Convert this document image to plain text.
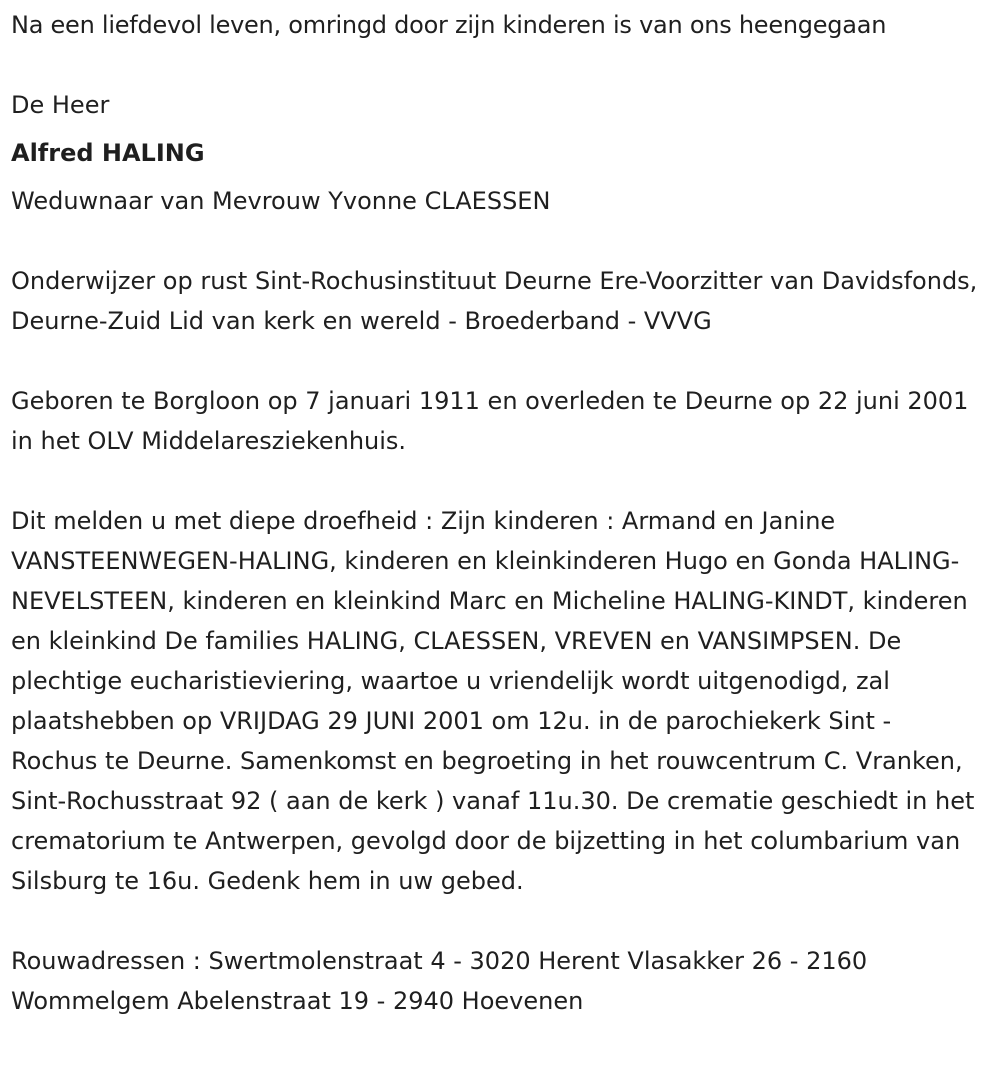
Na een liefdevol leven, omringd door zijn kinderen is van ons heengegaan

De Heer

Alfred HALING

Weduwnaar van Mevrouw Yvonne CLAESSEN

Onderwijzer op rust Sint-Rochusinstituut Deurne Ere-Voorzitter van Davidsfonds, Deurne-Zuid Lid van kerk en wereld - Broederband - VVVG

Geboren te Borgloon op 7 januari 1911 en overleden te Deurne op 22 juni 2001 in het OLV Middelaresziekenhuis.

Dit melden u met diepe droefheid : Zijn kinderen : Armand en Janine VANSTEENWEGEN-HALING, kinderen en kleinkinderen Hugo en Gonda HALING-NEVELSTEEN, kinderen en kleinkind Marc en Micheline HALING-KINDT, kinderen en kleinkind De families HALING, CLAESSEN, VREVEN en VANSIMPSEN. De plechtige eucharistieviering, waartoe u vriendelijk wordt uitgenodigd, zal plaatshebben op VRIJDAG 29 JUNI 2001 om 12u. in de parochiekerk Sint - Rochus te Deurne. Samenkomst en begroeting in het rouwcentrum C. Vranken, Sint-Rochusstraat 92 ( aan de kerk ) vanaf 11u.30. De crematie geschiedt in het crematorium te Antwerpen, gevolgd door de bijzetting in het columbarium van Silsburg te 16u. Gedenk hem in uw gebed.

Rouwadressen : Swertmolenstraat 4 - 3020 Herent Vlasakker 26 - 2160 Wommelgem Abelenstraat 19 - 2940 Hoevenen
